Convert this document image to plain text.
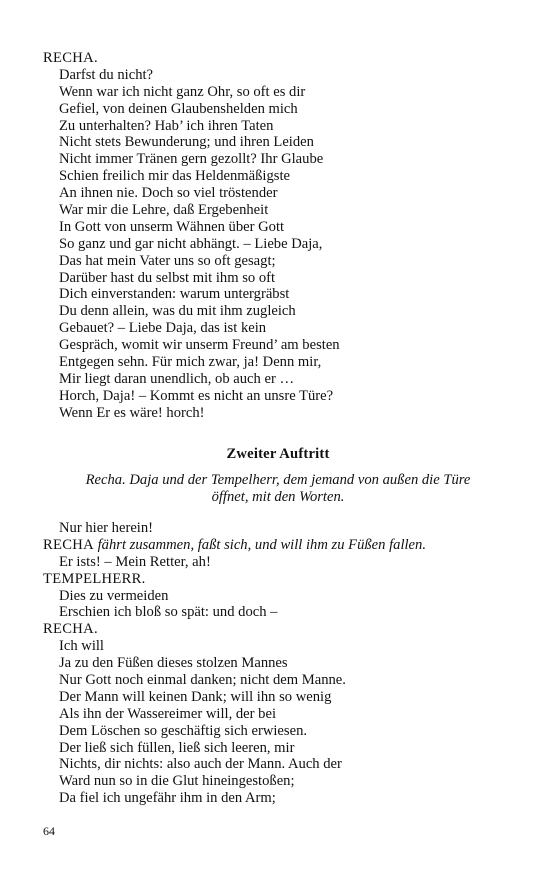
RECHA.
Darfst du nicht?
Wenn war ich nicht ganz Ohr, so oft es dir
Gefiel, von deinen Glaubenshelden mich
Zu unterhalten? Hab’ ich ihren Taten
Nicht stets Bewunderung; und ihren Leiden
Nicht immer Tränen gern gezollt? Ihr Glaube
Schien freilich mir das Heldenmäßigste
An ihnen nie. Doch so viel tröstender
War mir die Lehre, daß Ergebenheit
In Gott von unserm Wähnen über Gott
So ganz und gar nicht abhängt. – Liebe Daja,
Das hat mein Vater uns so oft gesagt;
Darüber hast du selbst mit ihm so oft
Dich einverstanden: warum untergräbst
Du denn allein, was du mit ihm zugleich
Gebauet? – Liebe Daja, das ist kein
Gespräch, womit wir unserm Freund’ am besten
Entgegen sehn. Für mich zwar, ja! Denn mir,
Mir liegt daran unendlich, ob auch er …
Horch, Daja! – Kommt es nicht an unsre Türe?
Wenn Er es wäre! horch!
Zweiter Auftritt
Recha. Daja und der Tempelherr, dem jemand von außen die Türe
öffnet, mit den Worten.
Nur hier herein!
RECHA fährt zusammen, faßt sich, und will ihm zu Füßen fallen.
Er ists! – Mein Retter, ah!
TEMPELHERR.
Dies zu vermeiden
Erschien ich bloß so spät: und doch –
RECHA.
Ich will
Ja zu den Füßen dieses stolzen Mannes
Nur Gott noch einmal danken; nicht dem Manne.
Der Mann will keinen Dank; will ihn so wenig
Als ihn der Wassereimer will, der bei
Dem Löschen so geschäftig sich erwiesen.
Der ließ sich füllen, ließ sich leeren, mir
Nichts, dir nichts: also auch der Mann. Auch der
Ward nun so in die Glut hineingestoßen;
Da fiel ich ungefähr ihm in den Arm;
64
